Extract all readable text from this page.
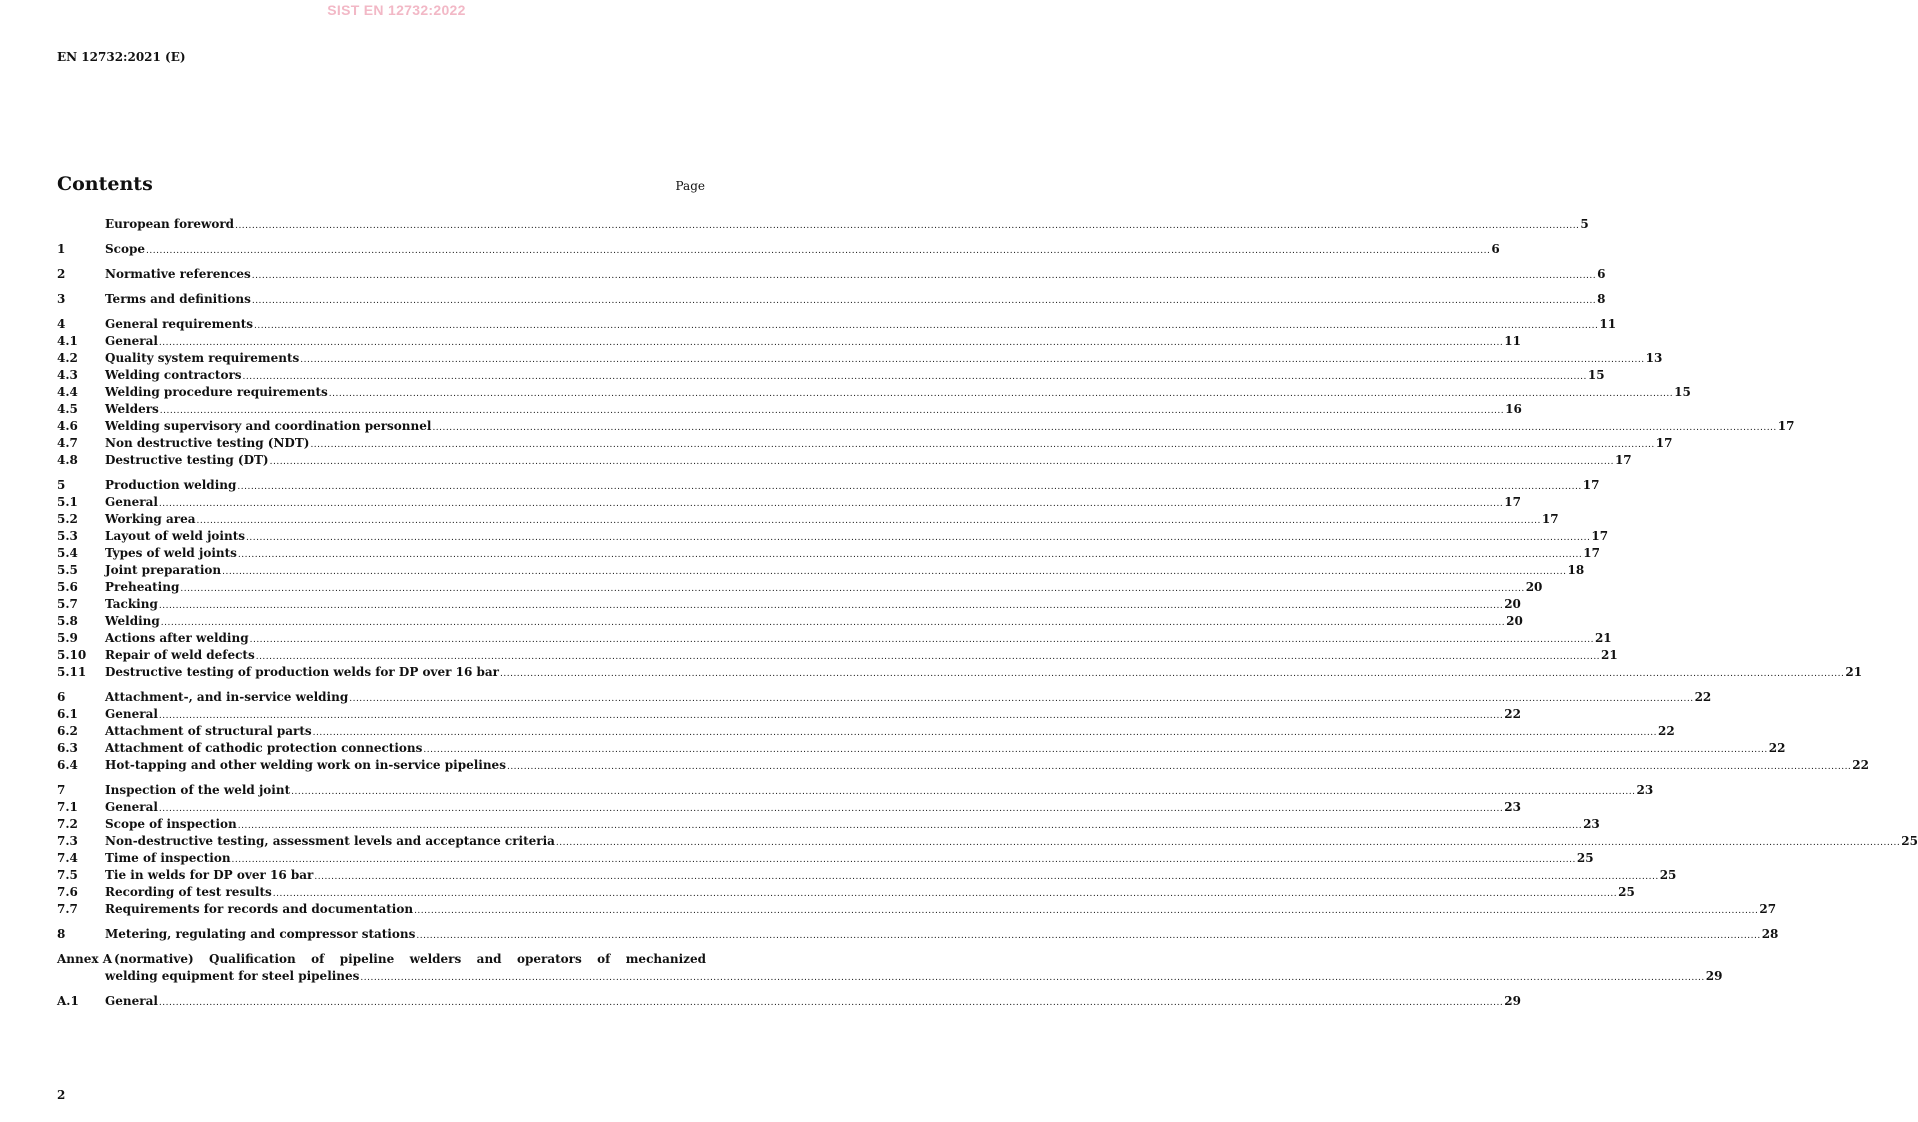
SIST EN 12732:2022
EN 12732:2021 (E)
Contents	Page
European foreword ................................................................................................................................................................................................................................................................................................................................................................................................................ 5
1	Scope ................................................................................................................................................................................................................................................................................................................................................................................................................ 6
2	Normative references ................................................................................................................................................................................................................................................................................................................................................................................................................ 6
3	Terms and definitions ................................................................................................................................................................................................................................................................................................................................................................................................................ 8
4	General requirements ................................................................................................................................................................................................................................................................................................................................................................................................................ 11
4.1	General ................................................................................................................................................................................................................................................................................................................................................................................................................ 11
4.2	Quality system requirements ................................................................................................................................................................................................................................................................................................................................................................................................................ 13
4.3	Welding contractors ................................................................................................................................................................................................................................................................................................................................................................................................................ 15
4.4	Welding procedure requirements ................................................................................................................................................................................................................................................................................................................................................................................................................ 15
4.5	Welders ................................................................................................................................................................................................................................................................................................................................................................................................................ 16
4.6	Welding supervisory and coordination personnel ................................................................................................................................................................................................................................................................................................................................................................................................................ 17
4.7	Non destructive testing (NDT) ................................................................................................................................................................................................................................................................................................................................................................................................................ 17
4.8	Destructive testing (DT) ................................................................................................................................................................................................................................................................................................................................................................................................................ 17
5	Production welding ................................................................................................................................................................................................................................................................................................................................................................................................................ 17
5.1	General ................................................................................................................................................................................................................................................................................................................................................................................................................ 17
5.2	Working area ................................................................................................................................................................................................................................................................................................................................................................................................................ 17
5.3	Layout of weld joints ................................................................................................................................................................................................................................................................................................................................................................................................................ 17
5.4	Types of weld joints ................................................................................................................................................................................................................................................................................................................................................................................................................ 17
5.5	Joint preparation ................................................................................................................................................................................................................................................................................................................................................................................................................ 18
5.6	Preheating ................................................................................................................................................................................................................................................................................................................................................................................................................ 20
5.7	Tacking ................................................................................................................................................................................................................................................................................................................................................................................................................ 20
5.8	Welding ................................................................................................................................................................................................................................................................................................................................................................................................................ 20
5.9	Actions after welding ................................................................................................................................................................................................................................................................................................................................................................................................................ 21
5.10	Repair of weld defects ................................................................................................................................................................................................................................................................................................................................................................................................................ 21
5.11	Destructive testing of production welds for DP over 16 bar ................................................................................................................................................................................................................................................................................................................................................................................................................ 21
6	Attachment-, and in-service welding ................................................................................................................................................................................................................................................................................................................................................................................................................ 22
6.1	General ................................................................................................................................................................................................................................................................................................................................................................................................................ 22
6.2	Attachment of structural parts ................................................................................................................................................................................................................................................................................................................................................................................................................ 22
6.3	Attachment of cathodic protection connections ................................................................................................................................................................................................................................................................................................................................................................................................................ 22
6.4	Hot-tapping and other welding work on in-service pipelines ................................................................................................................................................................................................................................................................................................................................................................................................................ 22
7	Inspection of the weld joint ................................................................................................................................................................................................................................................................................................................................................................................................................ 23
7.1	General ................................................................................................................................................................................................................................................................................................................................................................................................................ 23
7.2	Scope of inspection ................................................................................................................................................................................................................................................................................................................................................................................................................ 23
7.3	Non-destructive testing, assessment levels and acceptance criteria ................................................................................................................................................................................................................................................................................................................................................................................................................ 25
7.4	Time of inspection ................................................................................................................................................................................................................................................................................................................................................................................................................ 25
7.5	Tie in welds for DP over 16 bar ................................................................................................................................................................................................................................................................................................................................................................................................................ 25
7.6	Recording of test results ................................................................................................................................................................................................................................................................................................................................................................................................................ 25
7.7	Requirements for records and documentation ................................................................................................................................................................................................................................................................................................................................................................................................................ 27
8	Metering, regulating and compressor stations ................................................................................................................................................................................................................................................................................................................................................................................................................ 28
Annex A (normative) Qualification of pipeline welders and operators of mechanized
welding equipment for steel pipelines ................................................................................................................................................................................................................................................................................................................................................................................................................ 29
A.1	General ................................................................................................................................................................................................................................................................................................................................................................................................................ 29
2
